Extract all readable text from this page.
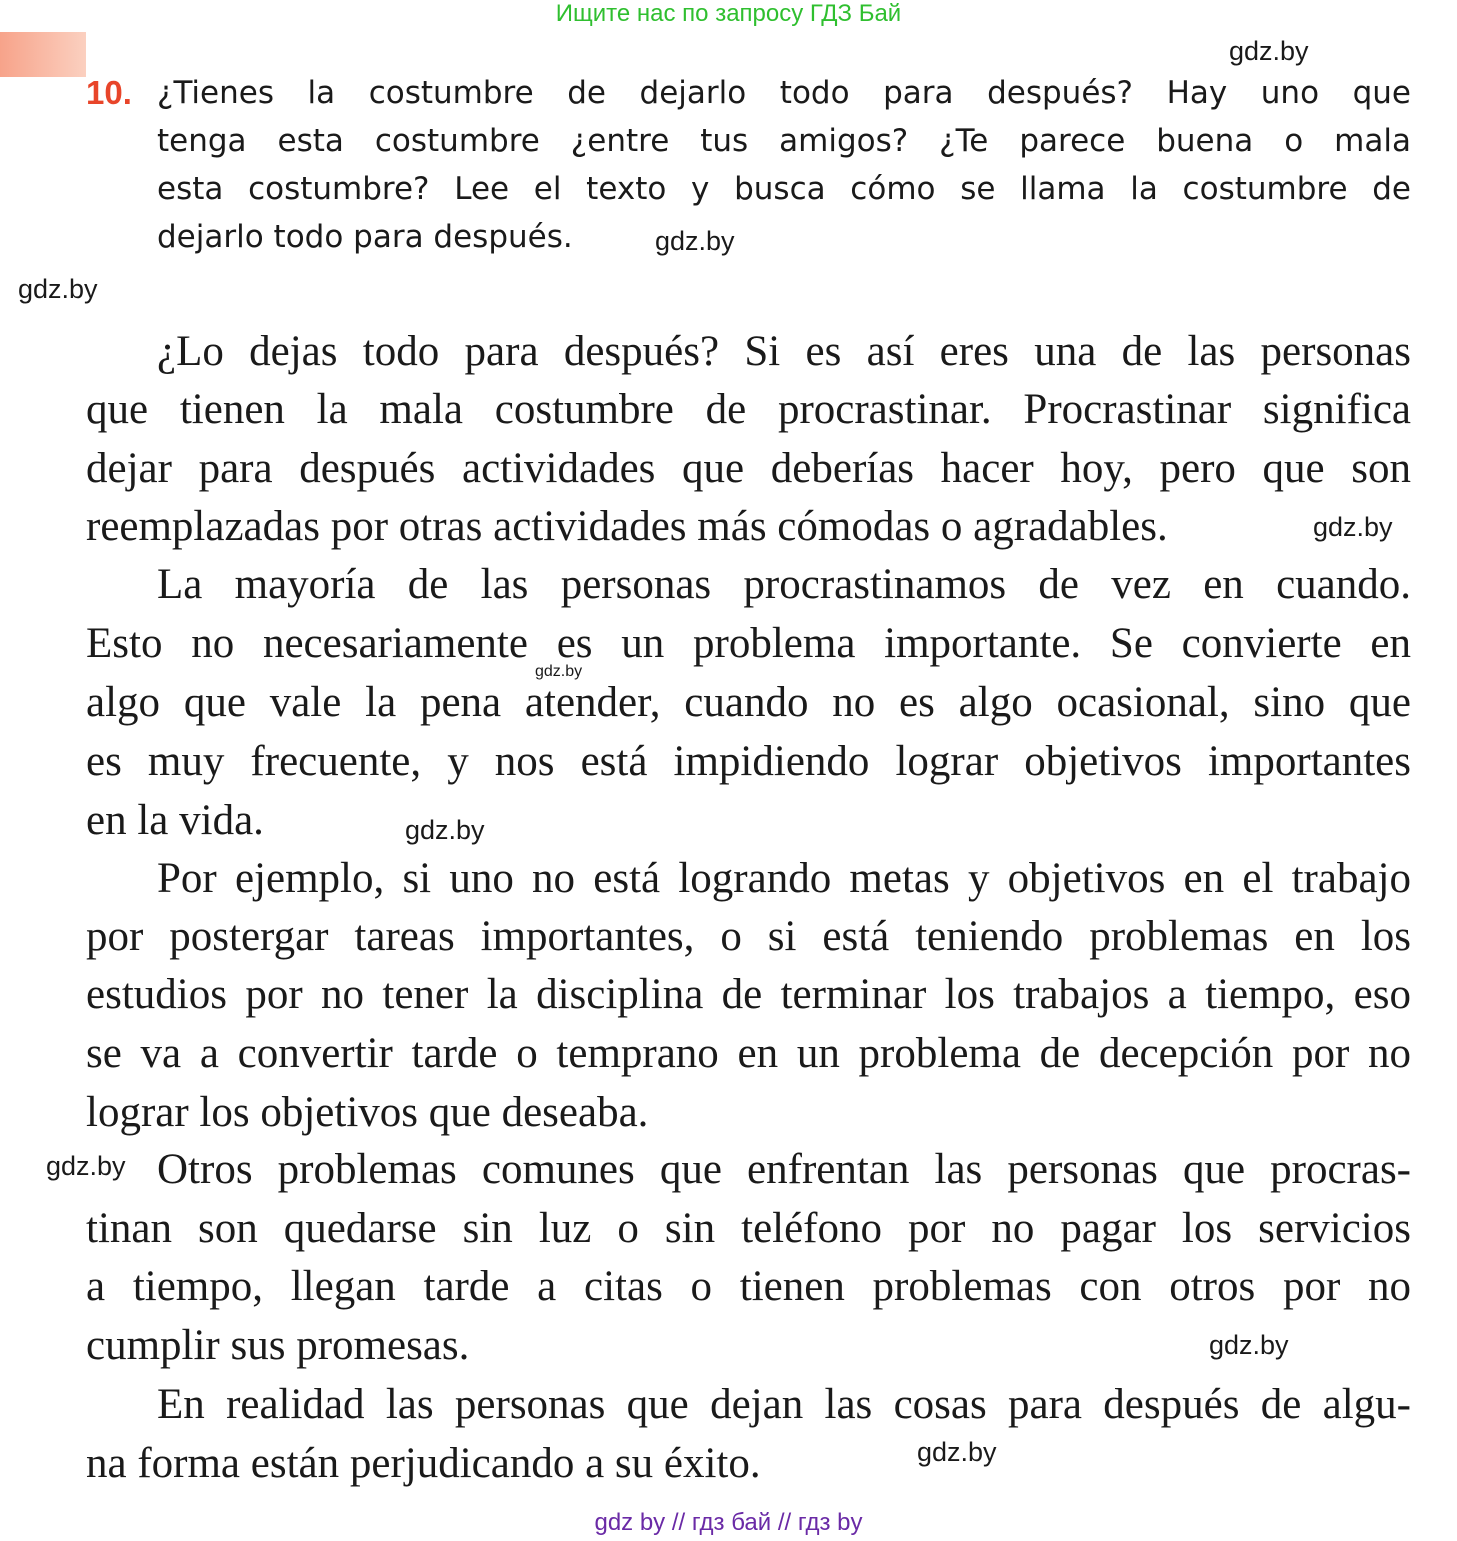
Ищите нас по запросу ГДЗ Бай
gdz.by
gdz.by
gdz.by
gdz.by
gdz.by
gdz.by
gdz.by
gdz.by
gdz.by
10. ¿Tienes la costumbre de dejarlo todo para después? Hay uno que
tenga esta costumbre ¿entre tus amigos? ¿Te parece buena o mala
esta costumbre? Lee el texto y busca cómo se llama la costumbre de
dejarlo todo para después.
¿Lo dejas todo para después? Si es así eres una de las personas
que tienen la mala costumbre de procrastinar. Procrastinar significa
dejar para después actividades que deberías hacer hoy, pero que son
reemplazadas por otras actividades más cómodas o agradables.
La mayoría de las personas procrastinamos de vez en cuando.
Esto no necesariamente es un problema importante. Se convierte en
algo que vale la pena atender, cuando no es algo ocasional, sino que
es muy frecuente, y nos está impidiendo lograr objetivos importantes
en la vida.
Por ejemplo, si uno no está logrando metas y objetivos en el trabajo
por postergar tareas importantes, o si está teniendo problemas en los
estudios por no tener la disciplina de terminar los trabajos a tiempo, eso
se va a convertir tarde o temprano en un problema de decepción por no
lograr los objetivos que deseaba.
Otros problemas comunes que enfrentan las personas que procras-
tinan son quedarse sin luz o sin teléfono por no pagar los servicios
a tiempo, llegan tarde a citas o tienen problemas con otros por no
cumplir sus promesas.
En realidad las personas que dejan las cosas para después de algu-
na forma están perjudicando a su éxito.
gdz by // гдз бай // гдз by
